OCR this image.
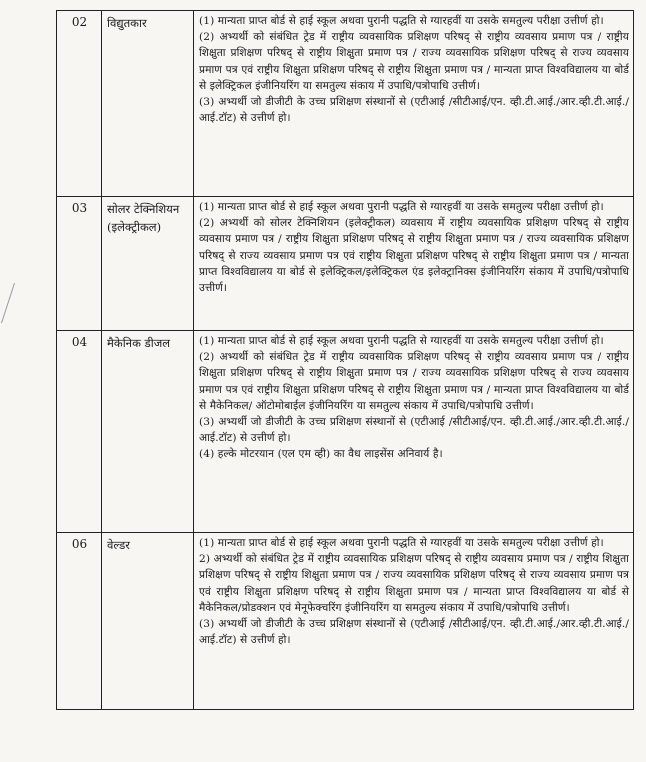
02	विद्युतकार	(1) मान्यता प्राप्त बोर्ड से हाई स्कूल अथवा पुरानी पद्धति से ग्यारहवीं या उसके समतुल्य परीक्षा उत्तीर्ण हो।

(2) अभ्यर्थी को संबंधित ट्रेड में राष्ट्रीय व्यवसायिक प्रशिक्षण परिषद् से राष्ट्रीय व्यवसाय प्रमाण पत्र / राष्ट्रीय शिक्षुता प्रशिक्षण परिषद् से राष्ट्रीय शिक्षुता प्रमाण पत्र / राज्य व्यवसायिक प्रशिक्षण परिषद् से राज्य व्यवसाय प्रमाण पत्र एवं राष्ट्रीय शिक्षुता प्रशिक्षण परिषद् से राष्ट्रीय शिक्षुता प्रमाण पत्र / मान्यता प्राप्त विश्वविद्यालय या बोर्ड से इलेक्ट्रिकल इंजीनियरिंग या समतुल्य संकाय में उपाधि/पत्रोपाधि उत्तीर्ण।

(3) अभ्यर्थी जो डीजीटी के उच्च प्रशिक्षण संस्थानों से (एटीआई /सीटीआई/एन. व्ही.टी.आई./आर.व्ही.टी.आई./आई.टॉट) से उत्तीर्ण हो।

03	सोलर टेक्निशियन (इलेक्ट्रीकल)	(1) मान्यता प्राप्त बोर्ड से हाई स्कूल अथवा पुरानी पद्धति से ग्यारहवीं या उसके समतुल्य परीक्षा उत्तीर्ण हो।

(2) अभ्यर्थी को सोलर टेक्निशियन (इलेक्ट्रीकल) व्यवसाय में राष्ट्रीय व्यवसायिक प्रशिक्षण परिषद् से राष्ट्रीय व्यवसाय प्रमाण पत्र / राष्ट्रीय शिक्षुता प्रशिक्षण परिषद् से राष्ट्रीय शिक्षुता प्रमाण पत्र / राज्य व्यवसायिक प्रशिक्षण परिषद् से राज्य व्यवसाय प्रमाण पत्र एवं राष्ट्रीय शिक्षुता प्रशिक्षण परिषद् से राष्ट्रीय शिक्षुता प्रमाण पत्र / मान्यता प्राप्त विश्वविद्यालय या बोर्ड से इलेक्ट्रिकल/इलेक्ट्रिकल एंड इलेक्ट्रानिक्स इंजीनियरिंग संकाय में उपाधि/पत्रोपाधि उत्तीर्ण।

04	मैकेनिक डीजल	(1) मान्यता प्राप्त बोर्ड से हाई स्कूल अथवा पुरानी पद्धति से ग्यारहवीं या उसके समतुल्य परीक्षा उत्तीर्ण हो।

(2) अभ्यर्थी को संबंधित ट्रेड में राष्ट्रीय व्यवसायिक प्रशिक्षण परिषद् से राष्ट्रीय व्यवसाय प्रमाण पत्र / राष्ट्रीय शिक्षुता प्रशिक्षण परिषद् से राष्ट्रीय शिक्षुता प्रमाण पत्र / राज्य व्यवसायिक प्रशिक्षण परिषद् से राज्य व्यवसाय प्रमाण पत्र एवं राष्ट्रीय शिक्षुता प्रशिक्षण परिषद् से राष्ट्रीय शिक्षुता प्रमाण पत्र / मान्यता प्राप्त विश्वविद्यालय या बोर्ड से मैकेनिकल/ ऑटोमोबाईल इंजीनियरिंग या समतुल्य संकाय में उपाधि/पत्रोपाधि उत्तीर्ण।

(3) अभ्यर्थी जो डीजीटी के उच्च प्रशिक्षण संस्थानों से (एटीआई /सीटीआई/एन. व्ही.टी.आई./आर.व्ही.टी.आई./आई.टॉट) से उत्तीर्ण हो।

(4) हल्के मोटरयान (एल एम व्ही) का वैध लाइसेंस अनिवार्य है।

06	वेल्डर	(1) मान्यता प्राप्त बोर्ड से हाई स्कूल अथवा पुरानी पद्धति से ग्यारहवीं या उसके समतुल्य परीक्षा उत्तीर्ण हो।

2) अभ्यर्थी को संबंधित ट्रेड में राष्ट्रीय व्यवसायिक प्रशिक्षण परिषद् से राष्ट्रीय व्यवसाय प्रमाण पत्र / राष्ट्रीय शिक्षुता प्रशिक्षण परिषद् से राष्ट्रीय शिक्षुता प्रमाण पत्र / राज्य व्यवसायिक प्रशिक्षण परिषद् से राज्य व्यवसाय प्रमाण पत्र एवं राष्ट्रीय शिक्षुता प्रशिक्षण परिषद् से राष्ट्रीय शिक्षुता प्रमाण पत्र / मान्यता प्राप्त विश्वविद्यालय या बोर्ड से मैकेनिकल/प्रोडक्शन एवं मेनूफेक्चरिंग इंजीनियरिंग या समतुल्य संकाय में उपाधि/पत्रोपाधि उत्तीर्ण।

(3) अभ्यर्थी जो डीजीटी के उच्च प्रशिक्षण संस्थानों से (एटीआई /सीटीआई/एन. व्ही.टी.आई./आर.व्ही.टी.आई./आई.टॉट) से उत्तीर्ण हो।
